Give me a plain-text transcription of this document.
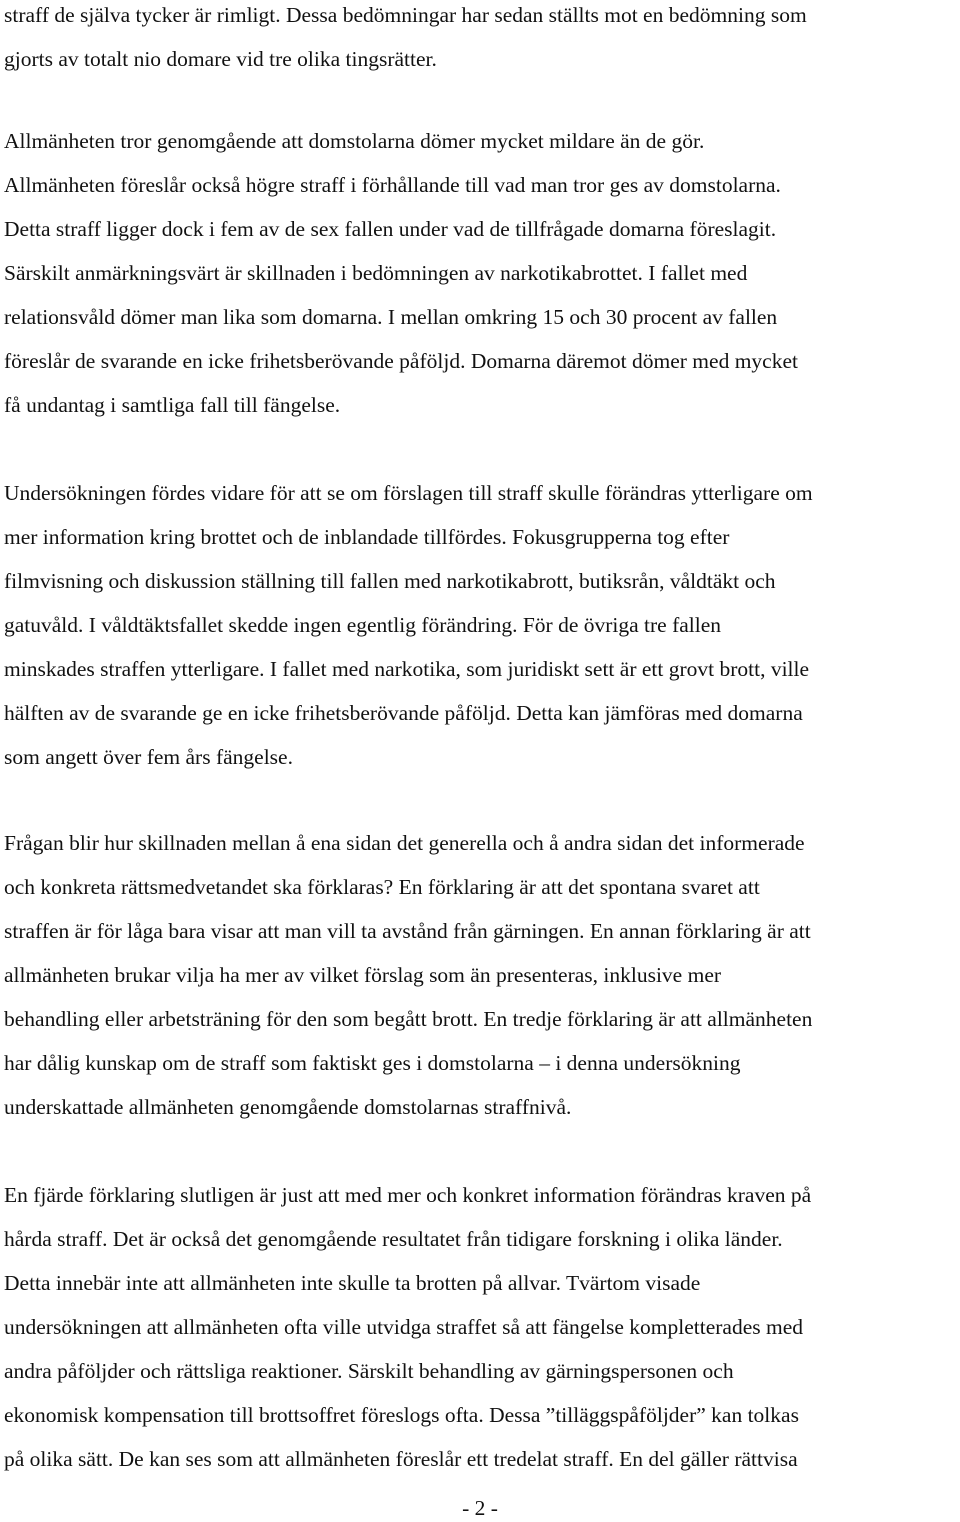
straff de själva tycker är rimligt. Dessa bedömningar har sedan ställts mot en bedömning som
gjorts av totalt nio domare vid tre olika tingsrätter.

Allmänheten tror genomgående att domstolarna dömer mycket mildare än de gör.
Allmänheten föreslår också högre straff i förhållande till vad man tror ges av domstolarna.
Detta straff ligger dock i fem av de sex fallen under vad de tillfrågade domarna föreslagit.
Särskilt anmärkningsvärt är skillnaden i bedömningen av narkotikabrottet. I fallet med
relationsvåld dömer man lika som domarna. I mellan omkring 15 och 30 procent av fallen
föreslår de svarande en icke frihetsberövande påföljd. Domarna däremot dömer med mycket
få undantag i samtliga fall till fängelse.

Undersökningen fördes vidare för att se om förslagen till straff skulle förändras ytterligare om
mer information kring brottet och de inblandade tillfördes. Fokusgrupperna tog efter
filmvisning och diskussion ställning till fallen med narkotikabrott, butiksrån, våldtäkt och
gatuvåld. I våldtäktsfallet skedde ingen egentlig förändring. För de övriga tre fallen
minskades straffen ytterligare. I fallet med narkotika, som juridiskt sett är ett grovt brott, ville
hälften av de svarande ge en icke frihetsberövande påföljd. Detta kan jämföras med domarna
som angett över fem års fängelse.

Frågan blir hur skillnaden mellan å ena sidan det generella och å andra sidan det informerade
och konkreta rättsmedvetandet ska förklaras? En förklaring är att det spontana svaret att
straffen är för låga bara visar att man vill ta avstånd från gärningen. En annan förklaring är att
allmänheten brukar vilja ha mer av vilket förslag som än presenteras, inklusive mer
behandling eller arbetsträning för den som begått brott. En tredje förklaring är att allmänheten
har dålig kunskap om de straff som faktiskt ges i domstolarna – i denna undersökning
underskattade allmänheten genomgående domstolarnas straffnivå.

En fjärde förklaring slutligen är just att med mer och konkret information förändras kraven på
hårda straff. Det är också det genomgående resultatet från tidigare forskning i olika länder.
Detta innebär inte att allmänheten inte skulle ta brotten på allvar. Tvärtom visade
undersökningen att allmänheten ofta ville utvidga straffet så att fängelse kompletterades med
andra påföljder och rättsliga reaktioner. Särskilt behandling av gärningspersonen och
ekonomisk kompensation till brottsoffret föreslogs ofta. Dessa ”tilläggspåföljder” kan tolkas
på olika sätt. De kan ses som att allmänheten föreslår ett tredelat straff. En del gäller rättvisa

- 2 -
